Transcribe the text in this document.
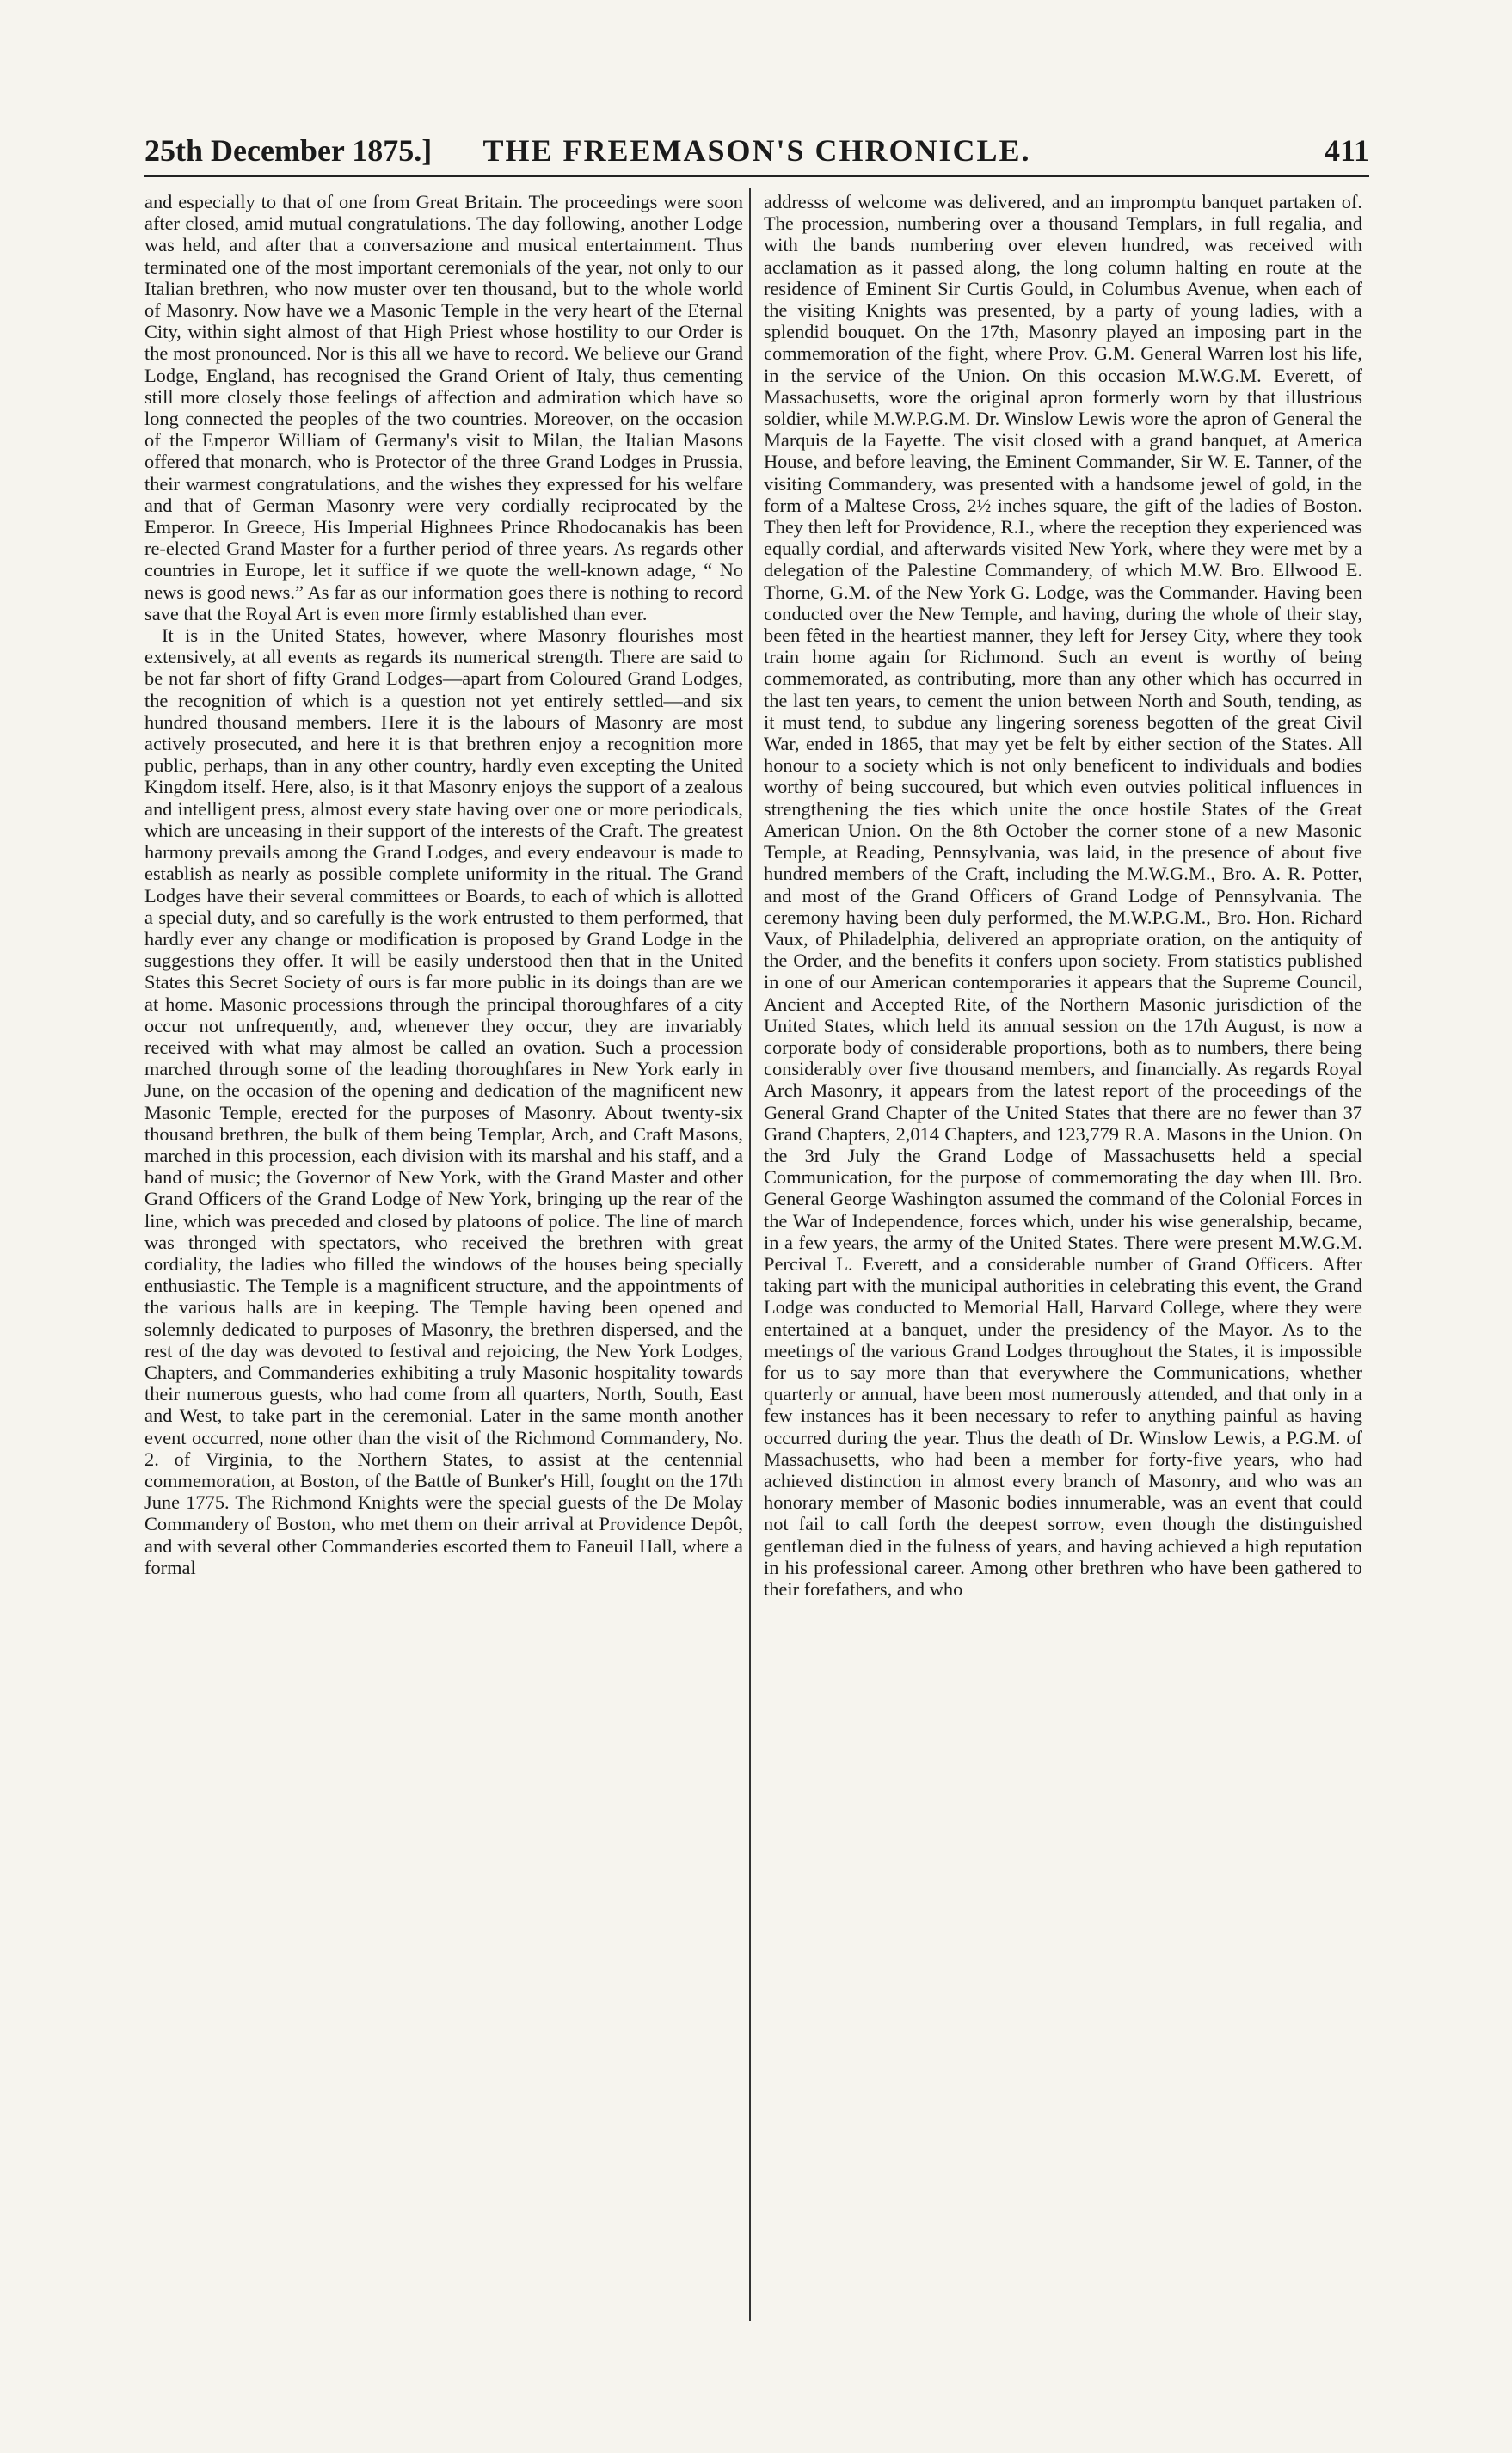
THE FREEMASON'S CHRONICLE.
25th December 1875.]	411

and especially to that of one from Great Britain. The proceedings were soon after closed, amid mutual congratulations. The day following, another Lodge was held, and after that a conversazione and musical entertainment. Thus terminated one of the most important ceremonials of the year, not only to our Italian brethren, who now muster over ten thousand, but to the whole world of Masonry. Now have we a Masonic Temple in the very heart of the Eternal City, within sight almost of that High Priest whose hostility to our Order is the most pronounced. Nor is this all we have to record. We believe our Grand Lodge, England, has recognised the Grand Orient of Italy, thus cementing still more closely those feelings of affection and admiration which have so long connected the peoples of the two countries. Moreover, on the occasion of the Emperor William of Germany's visit to Milan, the Italian Masons offered that monarch, who is Protector of the three Grand Lodges in Prussia, their warmest congratulations, and the wishes they expressed for his welfare and that of German Masonry were very cordially reciprocated by the Emperor. In Greece, His Imperial Highnees Prince Rhodocanakis has been re-elected Grand Master for a further period of three years. As regards other countries in Europe, let it suffice if we quote the well-known adage, “ No news is good news.” As far as our information goes there is nothing to record save that the Royal Art is even more firmly established than ever.

It is in the United States, however, where Masonry flourishes most extensively, at all events as regards its numerical strength. There are said to be not far short of fifty Grand Lodges—apart from Coloured Grand Lodges, the recognition of which is a question not yet entirely settled—and six hundred thousand members. Here it is the labours of Masonry are most actively prosecuted, and here it is that brethren enjoy a recognition more public, perhaps, than in any other country, hardly even excepting the United Kingdom itself. Here, also, is it that Masonry enjoys the support of a zealous and intelligent press, almost every state having over one or more periodicals, which are unceasing in their support of the interests of the Craft. The greatest harmony prevails among the Grand Lodges, and every endeavour is made to establish as nearly as possible complete uniformity in the ritual. The Grand Lodges have their several committees or Boards, to each of which is allotted a special duty, and so carefully is the work entrusted to them performed, that hardly ever any change or modification is proposed by Grand Lodge in the suggestions they offer. It will be easily understood then that in the United States this Secret Society of ours is far more public in its doings than are we at home. Masonic processions through the principal thoroughfares of a city occur not unfrequently, and, whenever they occur, they are invariably received with what may almost be called an ovation. Such a procession marched through some of the leading thoroughfares in New York early in June, on the occasion of the opening and dedication of the magnificent new Masonic Temple, erected for the purposes of Masonry. About twenty-six thousand brethren, the bulk of them being Templar, Arch, and Craft Masons, marched in this procession, each division with its marshal and his staff, and a band of music; the Governor of New York, with the Grand Master and other Grand Officers of the Grand Lodge of New York, bringing up the rear of the line, which was preceded and closed by platoons of police. The line of march was thronged with spectators, who received the brethren with great cordiality, the ladies who filled the windows of the houses being specially enthusiastic. The Temple is a magnificent structure, and the appointments of the various halls are in keeping. The Temple having been opened and solemnly dedicated to purposes of Masonry, the brethren dispersed, and the rest of the day was devoted to festival and rejoicing, the New York Lodges, Chapters, and Commanderies exhibiting a truly Masonic hospitality towards their numerous guests, who had come from all quarters, North, South, East and West, to take part in the ceremonial. Later in the same month another event occurred, none other than the visit of the Richmond Commandery, No. 2. of Virginia, to the Northern States, to assist at the centennial commemoration, at Boston, of the Battle of Bunker's Hill, fought on the 17th June 1775. The Richmond Knights were the special guests of the De Molay Commandery of Boston, who met them on their arrival at Providence Depôt, and with several other Commanderies escorted them to Faneuil Hall, where a formal

addresss of welcome was delivered, and an impromptu banquet partaken of. The procession, numbering over a thousand Templars, in full regalia, and with the bands numbering over eleven hundred, was received with acclamation as it passed along, the long column halting en route at the residence of Eminent Sir Curtis Gould, in Columbus Avenue, when each of the visiting Knights was presented, by a party of young ladies, with a splendid bouquet. On the 17th, Masonry played an imposing part in the commemoration of the fight, where Prov. G.M. General Warren lost his life, in the service of the Union. On this occasion M.W.G.M. Everett, of Massachusetts, wore the original apron formerly worn by that illustrious soldier, while M.W.P.G.M. Dr. Winslow Lewis wore the apron of General the Marquis de la Fayette. The visit closed with a grand banquet, at America House, and before leaving, the Eminent Commander, Sir W. E. Tanner, of the visiting Commandery, was presented with a handsome jewel of gold, in the form of a Maltese Cross, 2½ inches square, the gift of the ladies of Boston. They then left for Providence, R.I., where the reception they experienced was equally cordial, and afterwards visited New York, where they were met by a delegation of the Palestine Commandery, of which M.W. Bro. Ellwood E. Thorne, G.M. of the New York G. Lodge, was the Commander. Having been conducted over the New Temple, and having, during the whole of their stay, been fêted in the heartiest manner, they left for Jersey City, where they took train home again for Richmond. Such an event is worthy of being commemorated, as contributing, more than any other which has occurred in the last ten years, to cement the union between North and South, tending, as it must tend, to subdue any lingering soreness begotten of the great Civil War, ended in 1865, that may yet be felt by either section of the States. All honour to a society which is not only beneficent to individuals and bodies worthy of being succoured, but which even outvies political influences in strengthening the ties which unite the once hostile States of the Great American Union. On the 8th October the corner stone of a new Masonic Temple, at Reading, Pennsylvania, was laid, in the presence of about five hundred members of the Craft, including the M.W.G.M., Bro. A. R. Potter, and most of the Grand Officers of Grand Lodge of Pennsylvania. The ceremony having been duly performed, the M.W.P.G.M., Bro. Hon. Richard Vaux, of Philadelphia, delivered an appropriate oration, on the antiquity of the Order, and the benefits it confers upon society. From statistics published in one of our American contemporaries it appears that the Supreme Council, Ancient and Accepted Rite, of the Northern Masonic jurisdiction of the United States, which held its annual session on the 17th August, is now a corporate body of considerable proportions, both as to numbers, there being considerably over five thousand members, and financially. As regards Royal Arch Masonry, it appears from the latest report of the proceedings of the General Grand Chapter of the United States that there are no fewer than 37 Grand Chapters, 2,014 Chapters, and 123,779 R.A. Masons in the Union. On the 3rd July the Grand Lodge of Massachusetts held a special Communication, for the purpose of commemorating the day when Ill. Bro. General George Washington assumed the command of the Colonial Forces in the War of Independence, forces which, under his wise generalship, became, in a few years, the army of the United States. There were present M.W.G.M. Percival L. Everett, and a considerable number of Grand Officers. After taking part with the municipal authorities in celebrating this event, the Grand Lodge was conducted to Memorial Hall, Harvard College, where they were entertained at a banquet, under the presidency of the Mayor. As to the meetings of the various Grand Lodges throughout the States, it is impossible for us to say more than that everywhere the Communications, whether quarterly or annual, have been most numerously attended, and that only in a few instances has it been necessary to refer to anything painful as having occurred during the year. Thus the death of Dr. Winslow Lewis, a P.G.M. of Massachusetts, who had been a member for forty-five years, who had achieved distinction in almost every branch of Masonry, and who was an honorary member of Masonic bodies innumerable, was an event that could not fail to call forth the deepest sorrow, even though the distinguished gentleman died in the fulness of years, and having achieved a high reputation in his professional career. Among other brethren who have been gathered to their forefathers, and who
